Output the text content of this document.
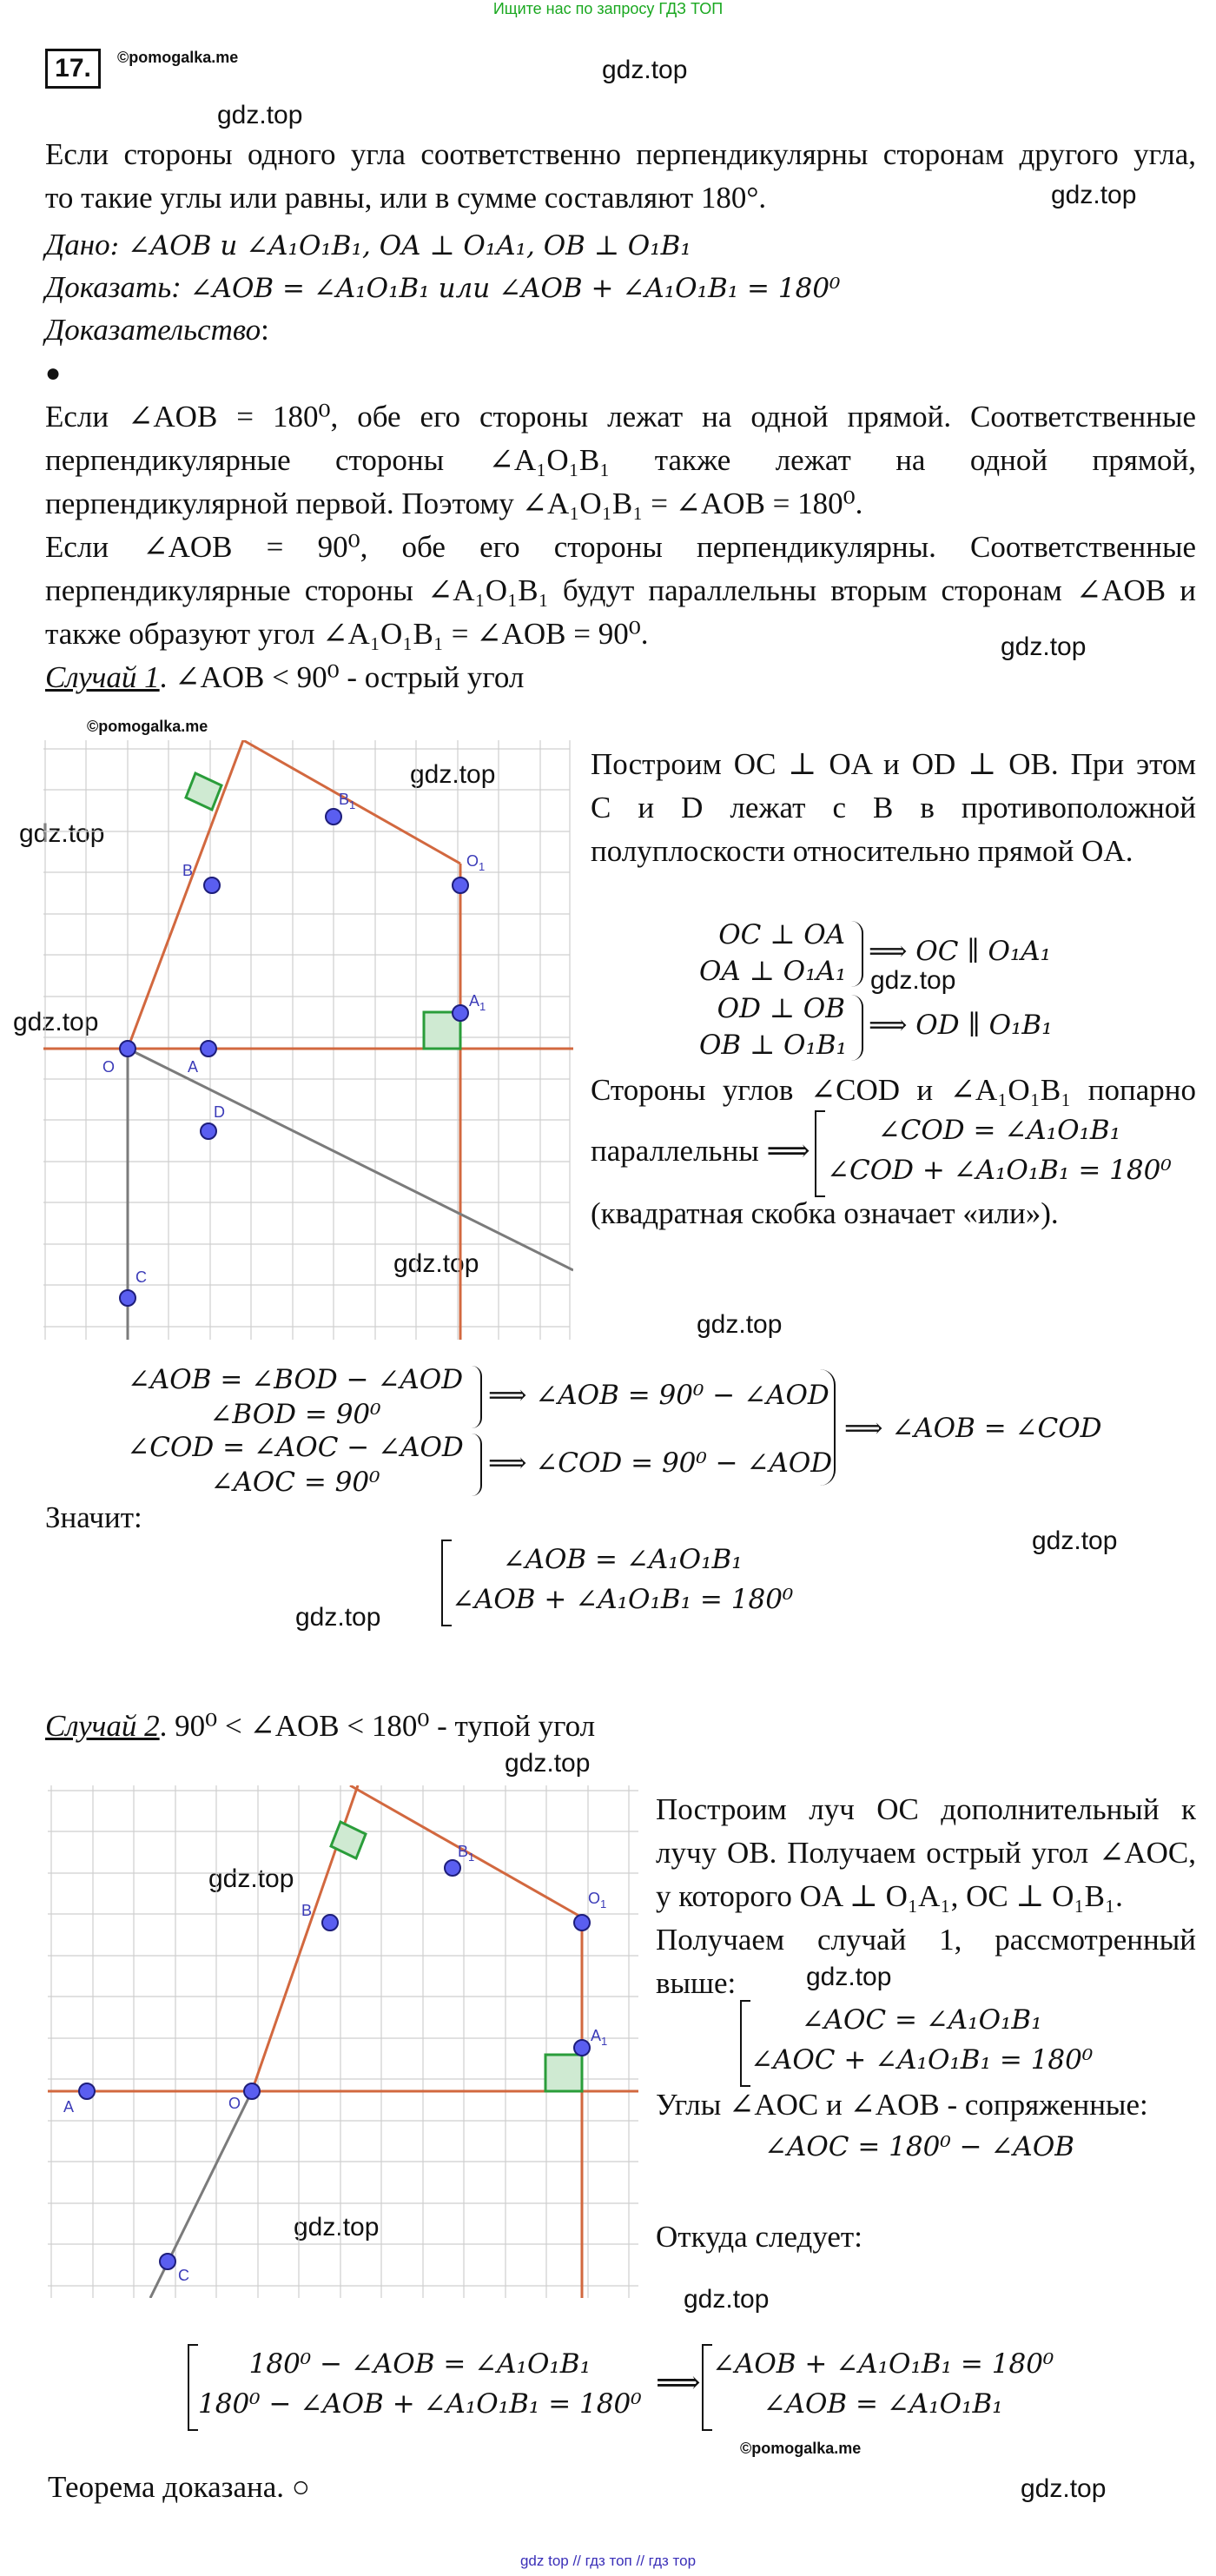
Ищите нас по запросу ГДЗ ТОП
17.	©pomogalka.me	gdz.top
gdz.top
gdz.top
gdz.top
gdz.top
gdz.top
gdz.top
gdz.top
gdz.top
gdz.top
gdz.top
gdz.top
gdz.top
gdz.top
gdz.top
gdz.top
gdz.top
gdz.top
Если стороны одного угла соответственно перпендикулярны сторонам другого угла,
то такие углы или равны, или в сумме составляют 180°.
Дано: ∠AOB и ∠A₁O₁B₁, OA ⊥ O₁A₁, OB ⊥ O₁B₁
Доказать: ∠AOB = ∠A₁O₁B₁ или ∠AOB + ∠A₁O₁B₁ = 180⁰
Доказательство:
●
Если ∠AOB = 180⁰, обе его стороны лежат на одной прямой. Соответственные
перпендикулярные стороны ∠A₁O₁B₁ также лежат на одной прямой,
перпендикулярной первой. Поэтому ∠A₁O₁B₁ = ∠AOB = 180⁰.
Если ∠AOB = 90⁰, обе его стороны перпендикулярны. Соответственные
перпендикулярные стороны ∠A₁O₁B₁ будут параллельны вторым сторонам ∠AOB и
также образуют угол ∠A₁O₁B₁ = ∠AOB = 90⁰.
Случай 1. ∠AOB < 90⁰ - острый угол
©pomogalka.me
O	A
B
$B_1$
$O_1$
$A_1$
D
C
Построим OC ⊥ OA и OD ⊥ OB. При этом
C и D лежат с B в противоположной
полуплоскости относительно прямой OA.
OC ⊥ OA
OA ⊥ O₁A₁
⟹ OC ∥ O₁A₁
OD ⊥ OB
OB ⊥ O₁B₁
⟹ OD ∥ O₁B₁
Стороны углов ∠COD и ∠A₁O₁B₁ попарно
параллельны ⟹
∠COD = ∠A₁O₁B₁
∠COD + ∠A₁O₁B₁ = 180⁰
(квадратная скобка означает «или»).
∠AOB = ∠BOD − ∠AOD
∠BOD = 90⁰
⟹ ∠AOB = 90⁰ − ∠AOD
∠COD = ∠AOC − ∠AOD
∠AOC = 90⁰
⟹ ∠COD = 90⁰ − ∠AOD
⟹ ∠AOB = ∠COD
Значит:
∠AOB = ∠A₁O₁B₁
∠AOB + ∠A₁O₁B₁ = 180⁰
Случай 2. 90⁰ < ∠AOB < 180⁰ - тупой угол
O
A
B
$B_1$
$O_1$
$A_1$
C
Построим луч OC дополнительный к
лучу OB. Получаем острый угол ∠AOC,
у которого OA ⊥ O₁A₁, OC ⊥ O₁B₁.
Получаем случай 1, рассмотренный
выше:
∠AOC = ∠A₁O₁B₁
∠AOC + ∠A₁O₁B₁ = 180⁰
Углы ∠AOC и ∠AOB - сопряженные:
∠AOC = 180⁰ − ∠AOB
Откуда следует:
180⁰ − ∠AOB = ∠A₁O₁B₁
180⁰ − ∠AOB + ∠A₁O₁B₁ = 180⁰
⟹
∠AOB + ∠A₁O₁B₁ = 180⁰
∠AOB = ∠A₁O₁B₁
©pomogalka.me
Теорема доказана. ○
gdz top // гдз топ // гдз тор
